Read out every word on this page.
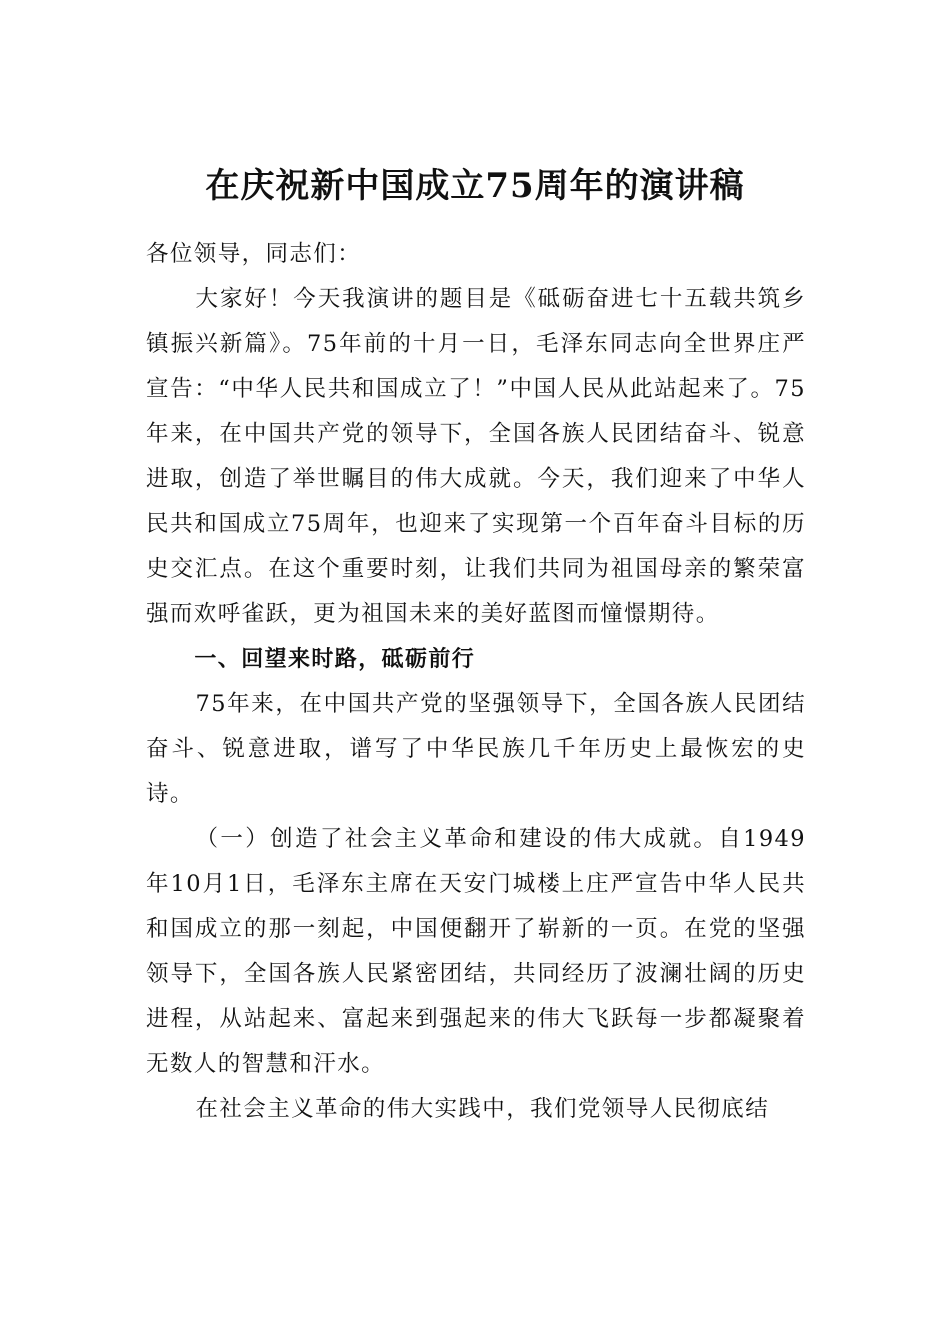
在庆祝新中国成立75周年的演讲稿

各位领导，同志们：

大家好！今天我演讲的题目是《砥砺奋进七十五载共筑乡镇振兴新篇》。75年前的十月一日，毛泽东同志向全世界庄严宣告：“中华人民共和国成立了！”中国人民从此站起来了。75年来，在中国共产党的领导下，全国各族人民团结奋斗、锐意进取，创造了举世瞩目的伟大成就。今天，我们迎来了中华人民共和国成立75周年，也迎来了实现第一个百年奋斗目标的历史交汇点。在这个重要时刻，让我们共同为祖国母亲的繁荣富强而欢呼雀跃，更为祖国未来的美好蓝图而憧憬期待。

一、回望来时路，砥砺前行

75年来，在中国共产党的坚强领导下，全国各族人民团结奋斗、锐意进取，谱写了中华民族几千年历史上最恢宏的史诗。

（一）创造了社会主义革命和建设的伟大成就。自1949年10月1日，毛泽东主席在天安门城楼上庄严宣告中华人民共和国成立的那一刻起，中国便翻开了崭新的一页。在党的坚强领导下，全国各族人民紧密团结，共同经历了波澜壮阔的历史进程，从站起来、富起来到强起来的伟大飞跃每一步都凝聚着无数人的智慧和汗水。

在社会主义革命的伟大实践中，我们党领导人民彻底结
